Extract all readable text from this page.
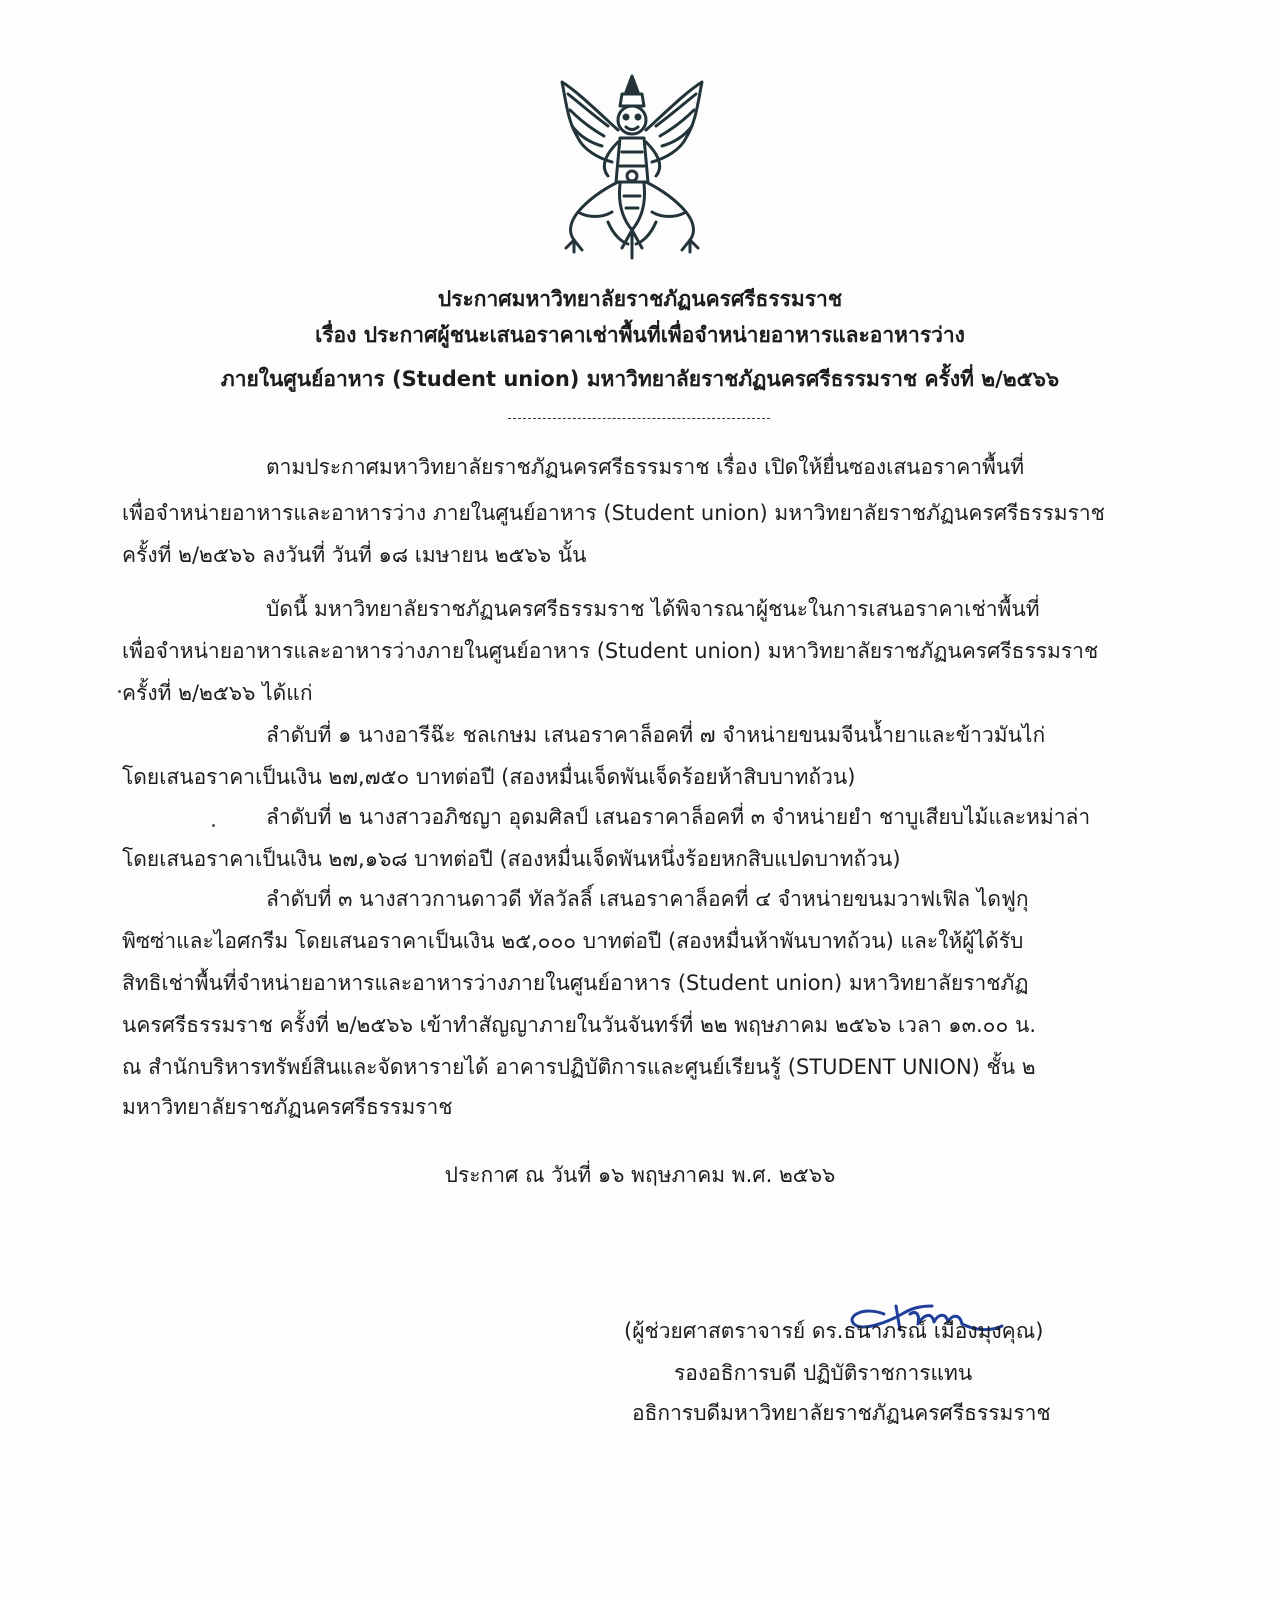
ประกาศมหาวิทยาลัยราชภัฏนครศรีธรรมราช
เรื่อง ประกาศผู้ชนะเสนอราคาเช่าพื้นที่เพื่อจำหน่ายอาหารและอาหารว่าง
ภายในศูนย์อาหาร (Student union) มหาวิทยาลัยราชภัฏนครศรีธรรมราช ครั้งที่ ๒/๒๕๖๖
ตามประกาศมหาวิทยาลัยราชภัฏนครศรีธรรมราช เรื่อง เปิดให้ยื่นซองเสนอราคาพื้นที่
เพื่อจำหน่ายอาหารและอาหารว่าง ภายในศูนย์อาหาร (Student union) มหาวิทยาลัยราชภัฏนครศรีธรรมราช
ครั้งที่ ๒/๒๕๖๖ ลงวันที่ วันที่ ๑๘ เมษายน ๒๕๖๖ นั้น
บัดนี้ มหาวิทยาลัยราชภัฏนครศรีธรรมราช ได้พิจารณาผู้ชนะในการเสนอราคาเช่าพื้นที่
เพื่อจำหน่ายอาหารและอาหารว่างภายในศูนย์อาหาร (Student union) มหาวิทยาลัยราชภัฏนครศรีธรรมราช
ครั้งที่ ๒/๒๕๖๖ ได้แก่
ลำดับที่ ๑ นางอารีฉ๊ะ ชลเกษม เสนอราคาล็อคที่ ๗ จำหน่ายขนมจีนน้ำยาและข้าวมันไก่
โดยเสนอราคาเป็นเงิน ๒๗,๗๕๐ บาทต่อปี (สองหมื่นเจ็ดพันเจ็ดร้อยห้าสิบบาทถ้วน)
ลำดับที่ ๒ นางสาวอภิชญา อุดมศิลป์ เสนอราคาล็อคที่ ๓ จำหน่ายยำ ชาบูเสียบไม้และหม่าล่า
โดยเสนอราคาเป็นเงิน ๒๗,๑๖๘ บาทต่อปี (สองหมื่นเจ็ดพันหนึ่งร้อยหกสิบแปดบาทถ้วน)
ลำดับที่ ๓ นางสาวกานดาวดี ทัลวัลลิ์ เสนอราคาล็อคที่ ๔ จำหน่ายขนมวาฟเฟิล ไดฟูกุ
พิซซ่าและไอศกรีม โดยเสนอราคาเป็นเงิน ๒๕,๐๐๐ บาทต่อปี (สองหมื่นห้าพันบาทถ้วน) และให้ผู้ได้รับ
สิทธิเช่าพื้นที่จำหน่ายอาหารและอาหารว่างภายในศูนย์อาหาร (Student union) มหาวิทยาลัยราชภัฏ
นครศรีธรรมราช ครั้งที่ ๒/๒๕๖๖ เข้าทำสัญญาภายในวันจันทร์ที่ ๒๒ พฤษภาคม ๒๕๖๖ เวลา ๑๓.๐๐ น.
ณ สำนักบริหารทรัพย์สินและจัดหารายได้ อาคารปฏิบัติการและศูนย์เรียนรู้ (STUDENT UNION) ชั้น ๒
มหาวิทยาลัยราชภัฏนครศรีธรรมราช
ประกาศ ณ วันที่ ๑๖ พฤษภาคม พ.ศ. ๒๕๖๖
(ผู้ช่วยศาสตราจารย์ ดร.ธนาภรณ์ เมืองมุงคุณ)
รองอธิการบดี ปฏิบัติราชการแทน
อธิการบดีมหาวิทยาลัยราชภัฏนครศรีธรรมราช
